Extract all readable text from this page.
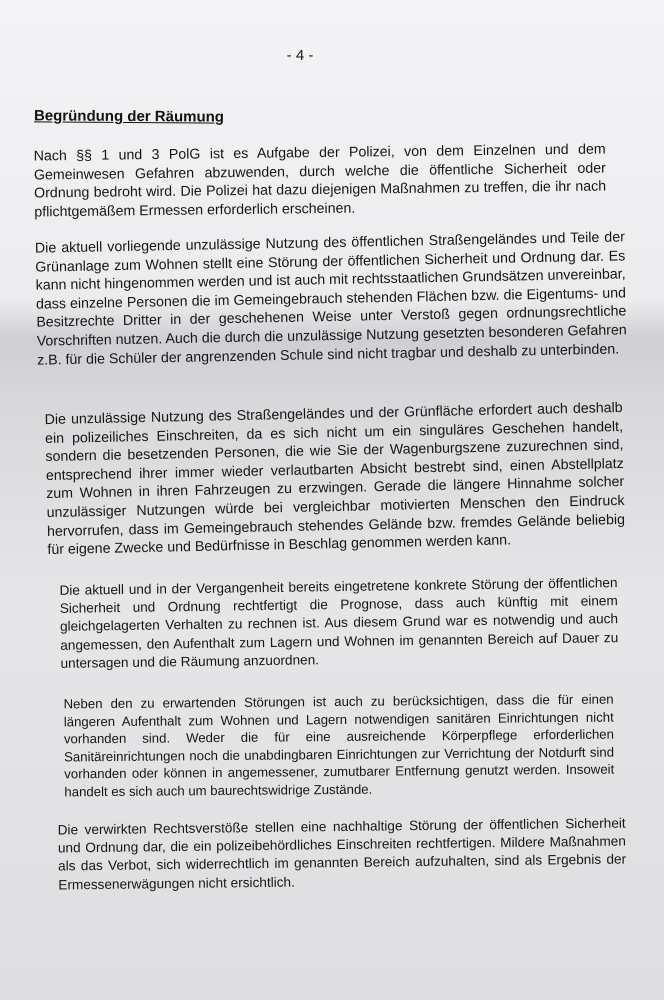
- 4 -
Begründung der Räumung

Nach §§ 1 und 3 PolG ist es Aufgabe der Polizei, von dem Einzelnen und dem Gemeinwesen Gefahren abzuwenden, durch welche die öffentliche Sicherheit oder Ordnung bedroht wird. Die Polizei hat dazu diejenigen Maßnahmen zu treffen, die ihr nach pflichtgemäßem Ermessen erforderlich erscheinen.

Die aktuell vorliegende unzulässige Nutzung des öffentlichen Straßengeländes und Teile der Grünanlage zum Wohnen stellt eine Störung der öffentlichen Sicherheit und Ordnung dar. Es kann nicht hingenommen werden und ist auch mit rechtsstaatlichen Grundsätzen unvereinbar, dass einzelne Personen die im Gemeingebrauch stehenden Flächen bzw. die Eigentums- und Besitzrechte Dritter in der geschehenen Weise unter Verstoß gegen ordnungsrechtliche Vorschriften nutzen. Auch die durch die unzulässige Nutzung gesetzten besonderen Gefahren z.B. für die Schüler der angrenzenden Schule sind nicht tragbar und deshalb zu unterbinden.

Die unzulässige Nutzung des Straßengeländes und der Grünfläche erfordert auch deshalb ein polizeiliches Einschreiten, da es sich nicht um ein singuläres Geschehen handelt, sondern die besetzenden Personen, die wie Sie der Wagenburgszene zuzurechnen sind, entsprechend ihrer immer wieder verlautbarten Absicht bestrebt sind, einen Abstellplatz zum Wohnen in ihren Fahrzeugen zu erzwingen. Gerade die längere Hinnahme solcher unzulässiger Nutzungen würde bei vergleichbar motivierten Menschen den Eindruck hervorrufen, dass im Gemeingebrauch stehendes Gelände bzw. fremdes Gelände beliebig für eigene Zwecke und Bedürfnisse in Beschlag genommen werden kann.

Die aktuell und in der Vergangenheit bereits eingetretene konkrete Störung der öffentlichen Sicherheit und Ordnung rechtfertigt die Prognose, dass auch künftig mit einem gleichgelagerten Verhalten zu rechnen ist. Aus diesem Grund war es notwendig und auch angemessen, den Aufenthalt zum Lagern und Wohnen im genannten Bereich auf Dauer zu untersagen und die Räumung anzuordnen.

Neben den zu erwartenden Störungen ist auch zu berücksichtigen, dass die für einen längeren Aufenthalt zum Wohnen und Lagern notwendigen sanitären Einrichtungen nicht vorhanden sind. Weder die für eine ausreichende Körperpflege erforderlichen Sanitäreinrichtungen noch die unabdingbaren Einrichtungen zur Verrichtung der Notdurft sind vorhanden oder können in angemessener, zumutbarer Entfernung genutzt werden. Insoweit handelt es sich auch um baurechtswidrige Zustände.

Die verwirkten Rechtsverstöße stellen eine nachhaltige Störung der öffentlichen Sicherheit und Ordnung dar, die ein polizeibehördliches Einschreiten rechtfertigen. Mildere Maßnahmen als das Verbot, sich widerrechtlich im genannten Bereich aufzuhalten, sind als Ergebnis der Ermessenerwägungen nicht ersichtlich.
